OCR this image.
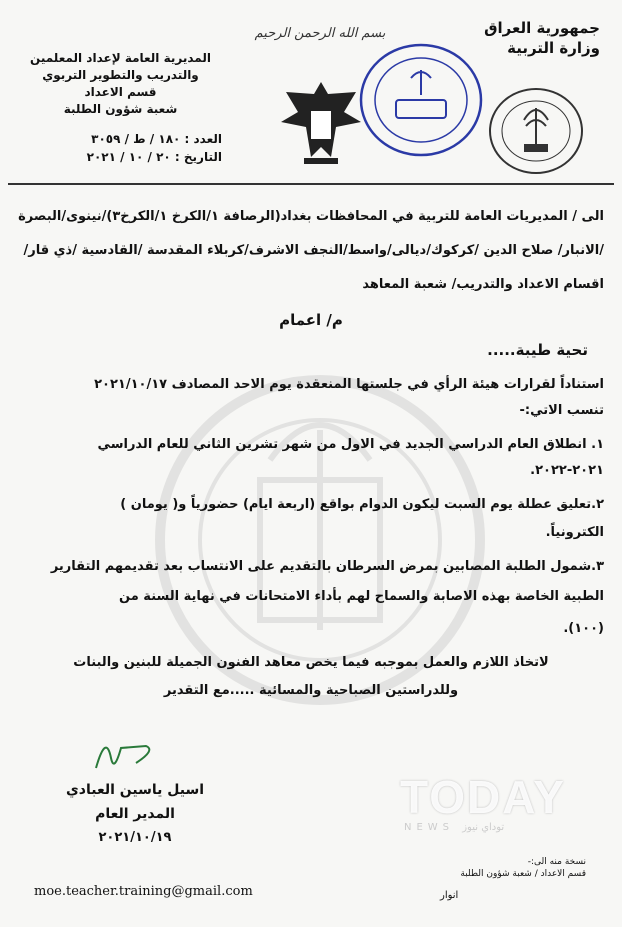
جمهورية العراق
وزارة التربية
بسم الله الرحمن الرحيم
المديرية العامة لإعداد المعلمين
والتدريب والتطوير التربوي
قسم الاعداد
شعبة شؤون الطلبة
العدد : ١٨٠ / ط / ٣٠٥٩
التاريخ : ٢٠ / ١٠ / ٢٠٢١
الى / المديريات العامة للتربية في المحافظات بغداد(الرصافة ١/الكرخ ١/الكرخ٣)/نينوى/البصرة
/الانبار/ صلاح الدين /كركوك/ديالى/واسط/النجف الاشرف/كربلاء المقدسة /القادسية /ذي قار/
اقسام الاعداد والتدريب/ شعبة المعاهد
م/ اعمام
تحية طيبة.....
استناداً لقرارات هيئة الرأي في جلستها المنعقدة يوم الاحد المصادف ٢٠٢١/١٠/١٧
تنسب الاتي:-
١. انطلاق العام الدراسي الجديد في الاول من شهر تشرين الثاني للعام الدراسي
٢٠٢١-٢٠٢٢.
٢.تعليق عطلة يوم السبت ليكون الدوام بواقع (اربعة ايام) حضورياً و( يومان )
الكترونياً.
٣.شمول الطلبة المصابين بمرض السرطان بالتقديم على الانتساب بعد تقديمهم التقارير
الطبية الخاصة بهذه الاصابة والسماح لهم بأداء الامتحانات في نهاية السنة من
(١٠٠).
لاتخاذ اللازم والعمل بموجبه فيما يخص معاهد الفنون الجميلة للبنين والبنات
وللدراستين الصباحية والمسائية .....مع التقدير
اسيل ياسين العبادي
المدير العام
٢٠٢١/١٠/١٩
TODAY
NEWS توداي نيوز
نسخة منه الى:-
قسم الاعداد / شعبة شؤون الطلبة
انوار
moe.teacher.training@gmail.com
